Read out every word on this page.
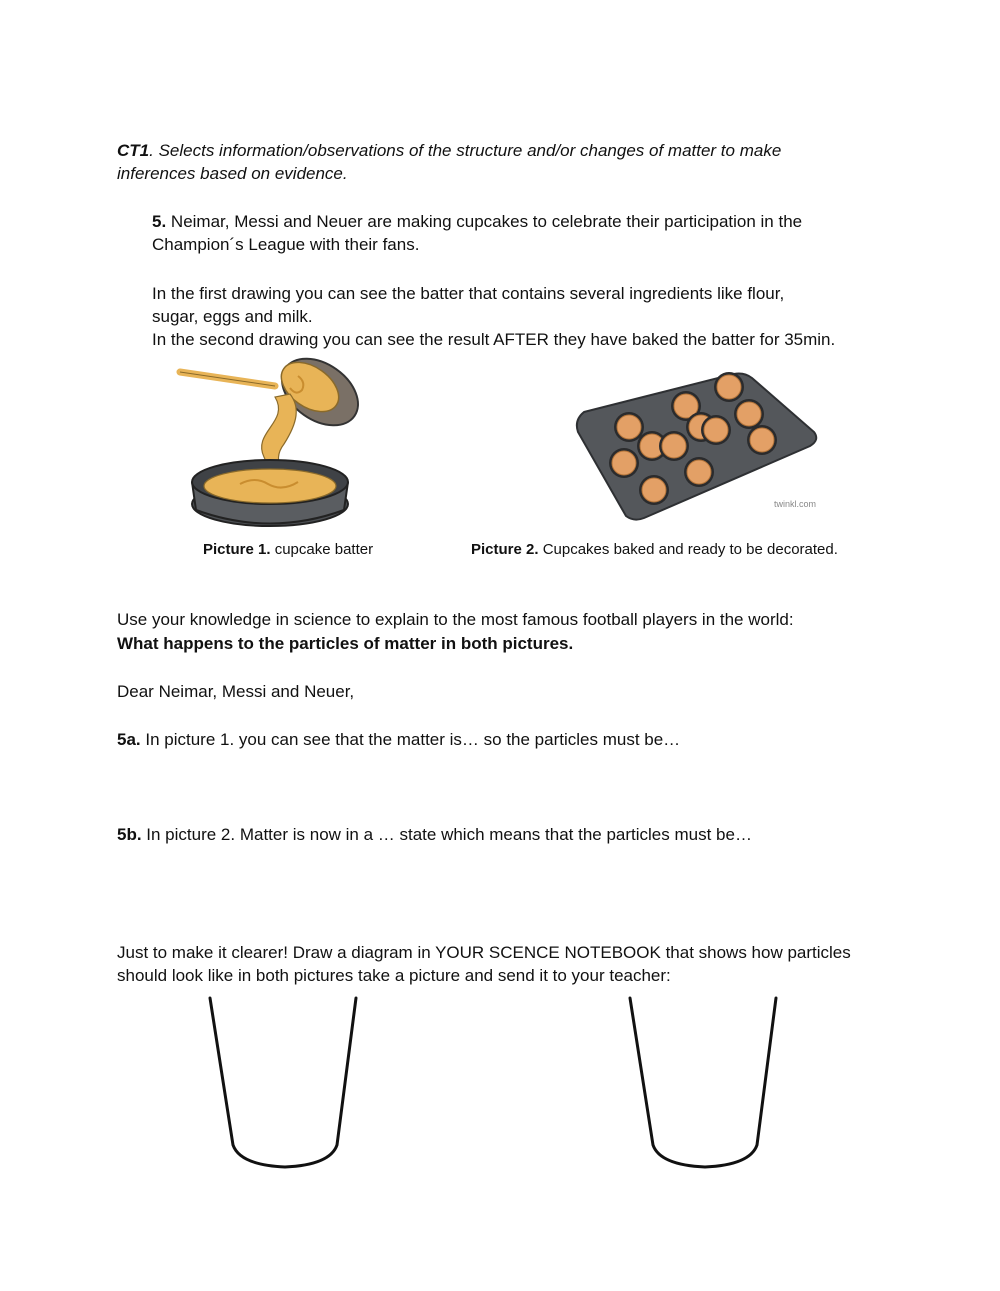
CT1. Selects information/observations of the structure and/or changes of matter to make
inferences based on evidence.
5. Neimar, Messi and Neuer are making cupcakes to celebrate their participation in the
Champion´s League with their fans.
In the first drawing you can see the batter that contains several ingredients like flour,
sugar, eggs and milk.
In the second drawing you can see the result AFTER they have baked the batter for 35min.
twinkl.com
Picture 1. cupcake batter	Picture 2. Cupcakes baked and ready to be decorated.
Use your knowledge in science to explain to the most famous football players in the world:
What happens to the particles of matter in both pictures.
Dear Neimar, Messi and Neuer,
5a. In picture 1. you can see that the matter is… so the particles must be…
5b. In picture 2. Matter is now in a … state which means that the particles must be…
Just to make it clearer! Draw a diagram in YOUR SCENCE NOTEBOOK that shows how particles
should look like in both pictures take a picture and send it to your teacher:
